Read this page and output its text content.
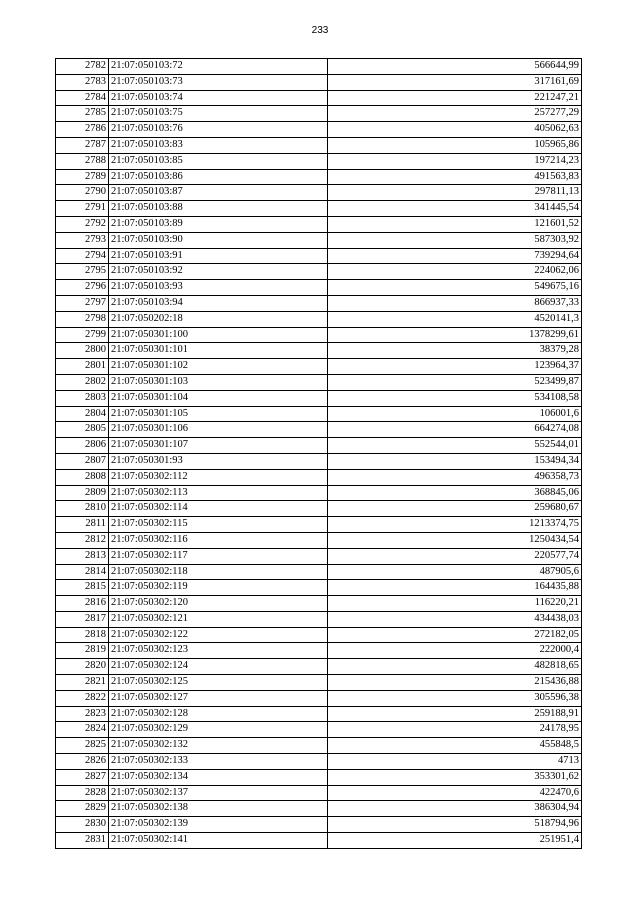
233
2782	21:07:050103:72	566644,99
2783	21:07:050103:73	317161,69
2784	21:07:050103:74	221247,21
2785	21:07:050103:75	257277,29
2786	21:07:050103:76	405062,63
2787	21:07:050103:83	105965,86
2788	21:07:050103:85	197214,23
2789	21:07:050103:86	491563,83
2790	21:07:050103:87	297811,13
2791	21:07:050103:88	341445,54
2792	21:07:050103:89	121601,52
2793	21:07:050103:90	587303,92
2794	21:07:050103:91	739294,64
2795	21:07:050103:92	224062,06
2796	21:07:050103:93	549675,16
2797	21:07:050103:94	866937,33
2798	21:07:050202:18	4520141,3
2799	21:07:050301:100	1378299,61
2800	21:07:050301:101	38379,28
2801	21:07:050301:102	123964,37
2802	21:07:050301:103	523499,87
2803	21:07:050301:104	534108,58
2804	21:07:050301:105	106001,6
2805	21:07:050301:106	664274,08
2806	21:07:050301:107	552544,01
2807	21:07:050301:93	153494,34
2808	21:07:050302:112	496358,73
2809	21:07:050302:113	368845,06
2810	21:07:050302:114	259680,67
2811	21:07:050302:115	1213374,75
2812	21:07:050302:116	1250434,54
2813	21:07:050302:117	220577,74
2814	21:07:050302:118	487905,6
2815	21:07:050302:119	164435,88
2816	21:07:050302:120	116220,21
2817	21:07:050302:121	434438,03
2818	21:07:050302:122	272182,05
2819	21:07:050302:123	222000,4
2820	21:07:050302:124	482818,65
2821	21:07:050302:125	215436,88
2822	21:07:050302:127	305596,38
2823	21:07:050302:128	259188,91
2824	21:07:050302:129	24178,95
2825	21:07:050302:132	455848,5
2826	21:07:050302:133	4713
2827	21:07:050302:134	353301,62
2828	21:07:050302:137	422470,6
2829	21:07:050302:138	386304,94
2830	21:07:050302:139	518794,96
2831	21:07:050302:141	251951,4
